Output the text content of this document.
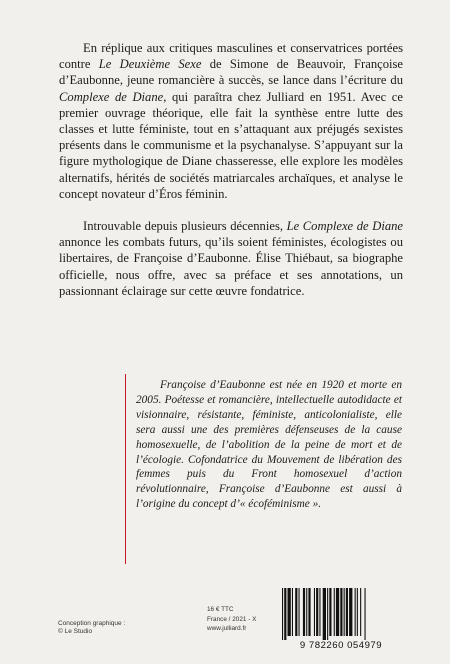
En réplique aux critiques masculines et conservatrices portées contre Le Deuxième Sexe de Simone de Beauvoir, Françoise d’Eaubonne, jeune romancière à succès, se lance dans l’écriture du Complexe de Diane, qui paraîtra chez Julliard en 1951. Avec ce premier ouvrage théorique, elle fait la synthèse entre lutte des classes et lutte féministe, tout en s’attaquant aux préjugés sexistes présents dans le communisme et la psychanalyse. S’appuyant sur la figure mythologique de Diane chasseresse, elle explore les modèles alternatifs, hérités de sociétés matriarcales archaïques, et analyse le concept novateur d’Éros féminin.

Introuvable depuis plusieurs décennies, Le Complexe de Diane annonce les combats futurs, qu’ils soient féministes, écologistes ou libertaires, de Françoise d’Eaubonne. Élise Thiébaut, sa biographe officielle, nous offre, avec sa préface et ses annotations, un passionnant éclairage sur cette œuvre fondatrice.

Françoise d’Eaubonne est née en 1920 et morte en 2005. Poétesse et romancière, intellectuelle autodidacte et visionnaire, résistante, féministe, anticolonialiste, elle sera aussi une des premières défenseuses de la cause homosexuelle, de l’abolition de la peine de mort et de l’écologie. Cofondatrice du Mouvement de libération des femmes puis du Front homosexuel d’action révolutionnaire, Françoise d’Eaubonne est aussi à l’origine du concept d’« écoféminisme ».

Conception graphique :
© Le Studio
16 € TTC
France / 2021 - X
www.julliard.fr
9 782260 054979
